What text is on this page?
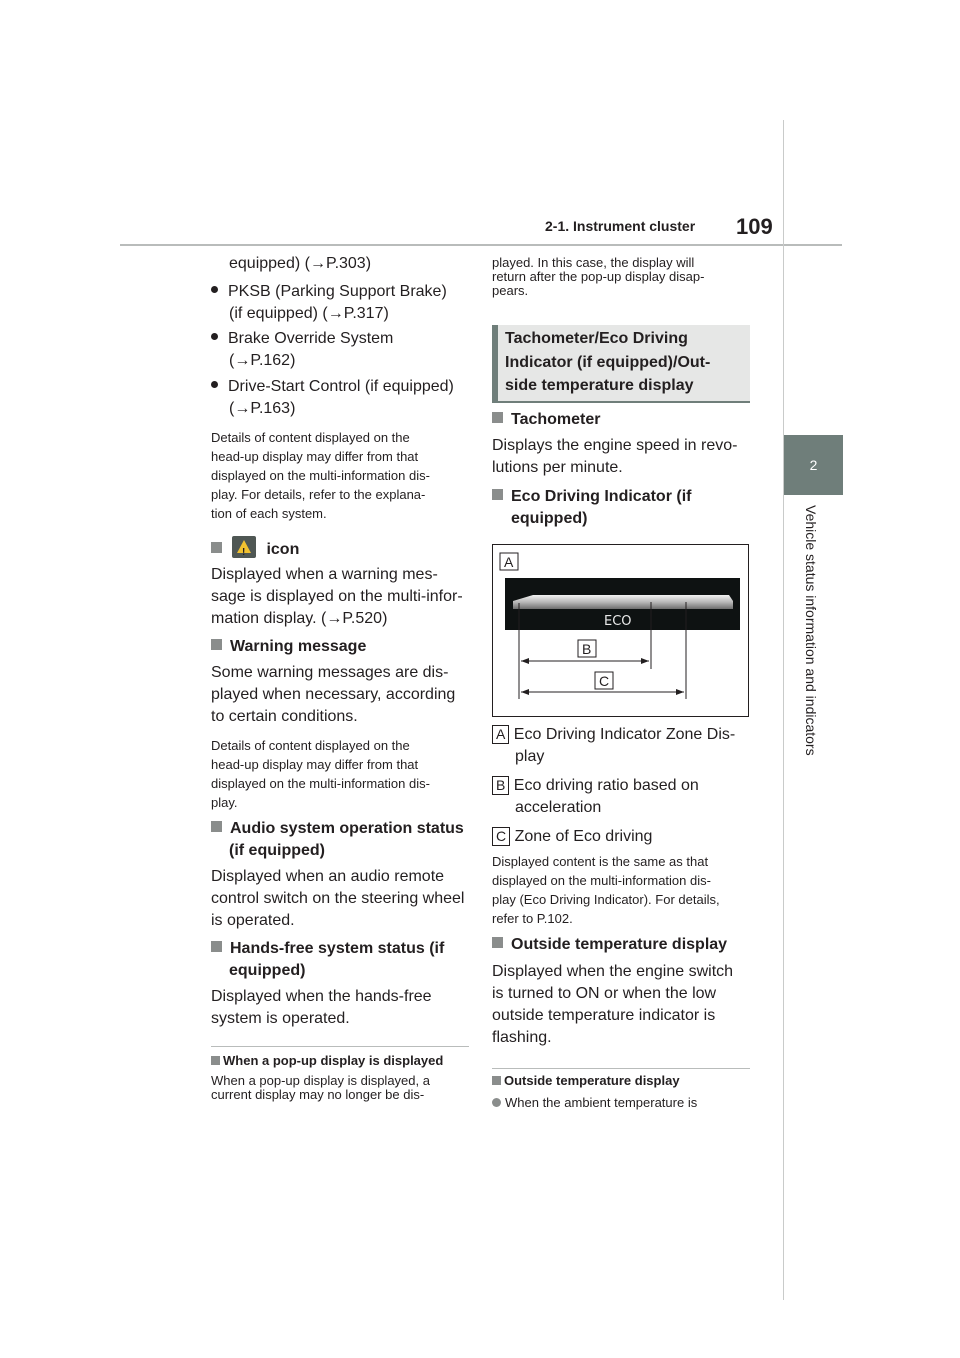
2-1. Instrument cluster 109
2
Vehicle status information and indicators
equipped) (→P.303)
PKSB (Parking Support Brake)
(if equipped) (→P.317)
Brake Override System
(→P.162)
Drive-Start Control (if equipped)
(→P.163)
Details of content displayed on the
head-up display may differ from that
displayed on the multi-information dis-
play. For details, refer to the explana-
tion of each system.
! icon
Displayed when a warning mes-
sage is displayed on the multi-infor-
mation display. (→P.520)
Warning message
Some warning messages are dis-
played when necessary, according
to certain conditions.
Details of content displayed on the
head-up display may differ from that
displayed on the multi-information dis-
play.
Audio system operation status
(if equipped)
Displayed when an audio remote
control switch on the steering wheel
is operated.
Hands-free system status (if
equipped)
Displayed when the hands-free
system is operated.
When a pop-up display is displayed
When a pop-up display is displayed, a
current display may no longer be dis-
played. In this case, the display will
return after the pop-up display disap-
pears.
Tachometer/Eco Driving
Indicator (if equipped)/Out-
side temperature display
Tachometer
Displays the engine speed in revo-
lutions per minute.
Eco Driving Indicator (if
equipped)
ECO
A
B
C
A Eco Driving Indicator Zone Dis-
play
B Eco driving ratio based on
acceleration
C Zone of Eco driving
Displayed content is the same as that
displayed on the multi-information dis-
play (Eco Driving Indicator). For details,
refer to P.102.
Outside temperature display
Displayed when the engine switch
is turned to ON or when the low
outside temperature indicator is
flashing.
Outside temperature display
When the ambient temperature is
